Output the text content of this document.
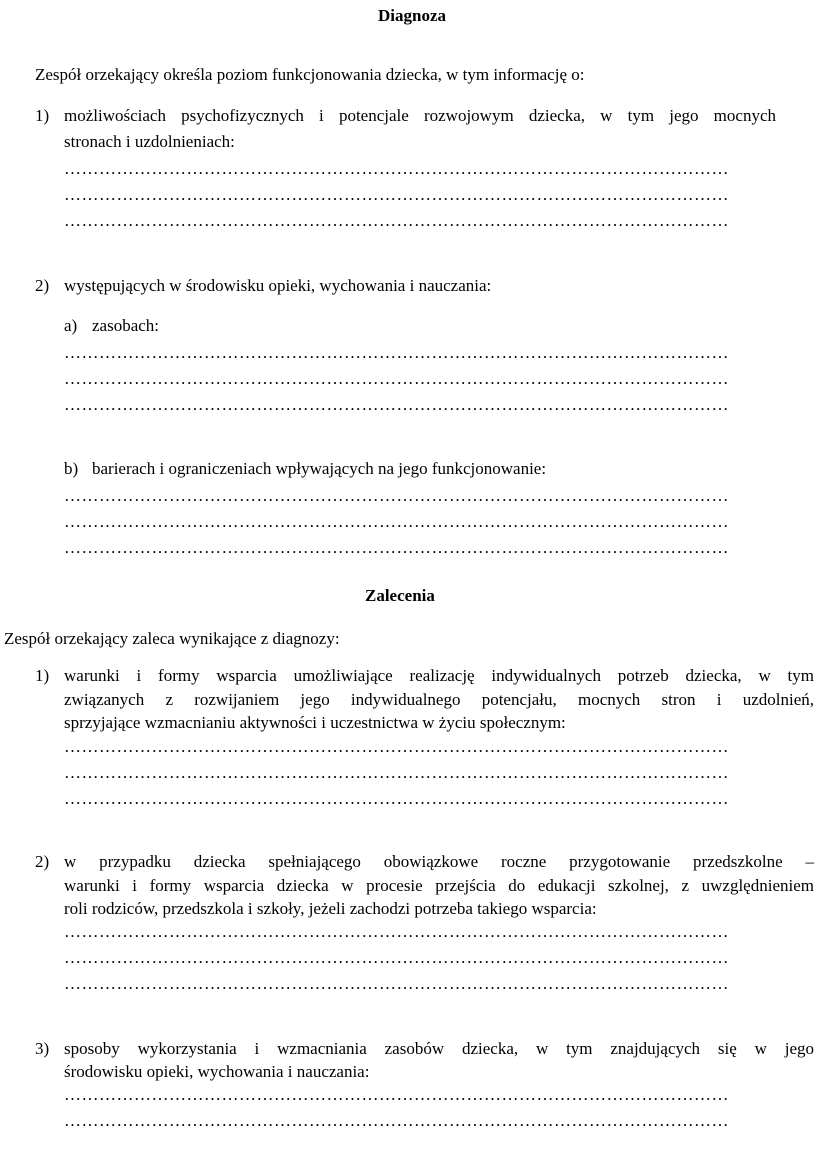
Diagnoza
Zespół orzekający określa poziom funkcjonowania dziecka, w tym informację o:
1) możliwościach psychofizycznych i potencjale rozwojowym dziecka, w tym jego mocnych
stronach i uzdolnieniach:
……………………………………………………………………………………………………
……………………………………………………………………………………………………
……………………………………………………………………………………………………
2) występujących w środowisku opieki, wychowania i nauczania:
a) zasobach:
……………………………………………………………………………………………………
……………………………………………………………………………………………………
……………………………………………………………………………………………………
b) barierach i ograniczeniach wpływających na jego funkcjonowanie:
……………………………………………………………………………………………………
……………………………………………………………………………………………………
……………………………………………………………………………………………………
Zalecenia
Zespół orzekający zaleca wynikające z diagnozy:
1) warunki i formy wsparcia umożliwiające realizację indywidualnych potrzeb dziecka, w tym
związanych z rozwijaniem jego indywidualnego potencjału, mocnych stron i uzdolnień,
sprzyjające wzmacnianiu aktywności i uczestnictwa w życiu społecznym:
……………………………………………………………………………………………………
……………………………………………………………………………………………………
……………………………………………………………………………………………………
2) w przypadku dziecka spełniającego obowiązkowe roczne przygotowanie przedszkolne –
warunki i formy wsparcia dziecka w procesie przejścia do edukacji szkolnej, z uwzględnieniem
roli rodziców, przedszkola i szkoły, jeżeli zachodzi potrzeba takiego wsparcia:
……………………………………………………………………………………………………
……………………………………………………………………………………………………
……………………………………………………………………………………………………
3) sposoby wykorzystania i wzmacniania zasobów dziecka, w tym znajdujących się w jego
środowisku opieki, wychowania i nauczania:
……………………………………………………………………………………………………
……………………………………………………………………………………………………
